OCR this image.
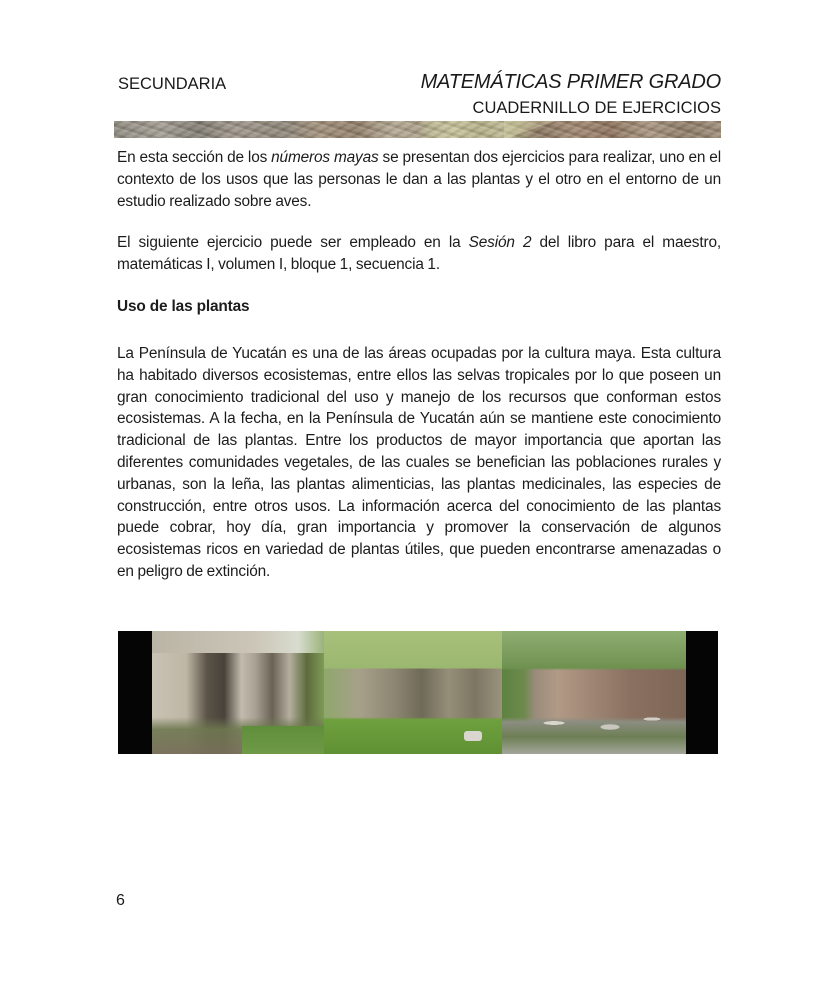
SECUNDARIA	MATEMÁTICAS PRIMER GRADO
CUADERNILLO DE EJERCICIOS

En esta sección de los números mayas se presentan dos ejercicios para realizar, uno en el contexto de los usos que las personas le dan a las plantas y el otro en el entorno de un estudio realizado sobre aves.

El siguiente ejercicio puede ser empleado en la Sesión 2 del libro para el maestro, matemáticas I, volumen I, bloque 1, secuencia 1.

Uso de las plantas

La Península de Yucatán es una de las áreas ocupadas por la cultura maya. Esta cultura ha habitado diversos ecosistemas, entre ellos las selvas tropicales por lo que poseen un gran conocimiento tradicional del uso y manejo de los recursos que conforman estos ecosistemas. A la fecha, en la Península de Yucatán aún se mantiene este conocimiento tradicional de las plantas. Entre los productos de mayor importancia que aportan las diferentes comunidades vegetales, de las cuales se benefician las poblaciones rurales y urbanas, son la leña, las plantas alimenticias, las plantas medicinales, las especies de construcción, entre otros usos. La información acerca del conocimiento de las plantas puede cobrar, hoy día, gran importancia y promover la conservación de algunos ecosistemas ricos en variedad de plantas útiles, que pueden encontrarse amenazadas o en peligro de extinción.

6
